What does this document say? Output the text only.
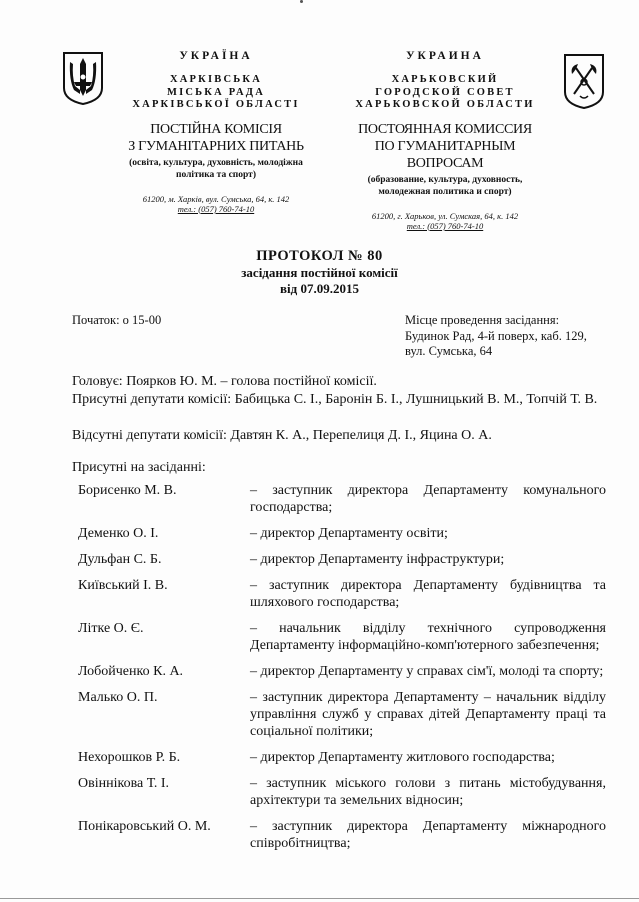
УКРАЇНА
ХАРКІВСЬКА
МІСЬКА РАДА
ХАРКІВСЬКОЇ ОБЛАСТІ
ПОСТІЙНА КОМІСІЯ
З ГУМАНІТАРНИХ ПИТАНЬ
(освіта, культура, духовність, молодіжна
політика та спорт)
61200, м. Харків, вул. Сумська, 64, к. 142
тел.: (057) 760-74-10
УКРАИНА
ХАРЬКОВСКИЙ
ГОРОДСКОЙ СОВЕТ
ХАРЬКОВСКОЙ ОБЛАСТИ
ПОСТОЯННАЯ КОМИССИЯ
ПО ГУМАНИТАРНЫМ ВОПРОСАМ
(образование, культура, духовность,
молодежная политика и спорт)
61200, г. Харьков, ул. Сумская, 64, к. 142
тел.: (057) 760-74-10
ПРОТОКОЛ № 80
засідання постійної комісії
від 07.09.2015
Початок: о 15-00	Місце проведення засідання:
Будинок Рад, 4-й поверх, каб. 129,
вул. Сумська, 64
Головує: Поярков Ю. М. – голова постійної комісії.
Присутні депутати комісії: Бабицька С. І., Баронін Б. І., Лушницький В. М., Топчій Т. В.
Відсутні депутати комісії: Давтян К. А., Перепелиця Д. І., Яцина О. А.
Присутні на засіданні:
Борисенко М. В.	– заступник директора Департаменту комунального господарства;
Деменко О. І.	– директор Департаменту освіти;
Дульфан С. Б.	– директор Департаменту інфраструктури;
Київський І. В.	– заступник директора Департаменту будівництва та шляхового господарства;
Літке О. Є.	– начальник відділу технічного супроводження Департаменту інформаційно-комп'ютерного забезпечення;
Лобойченко К. А.	– директор Департаменту у справах сім'ї, молоді та спорту;
Малько О. П.	– заступник директора Департаменту – начальник відділу управління служб у справах дітей Департаменту праці та соціальної політики;
Нехорошков Р. Б.	– директор Департаменту житлового господарства;
Овіннікова Т. І.	– заступник міського голови з питань містобудування, архітектури та земельних відносин;
Понікаровський О. М.	– заступник директора Департаменту міжнародного співробітництва;
